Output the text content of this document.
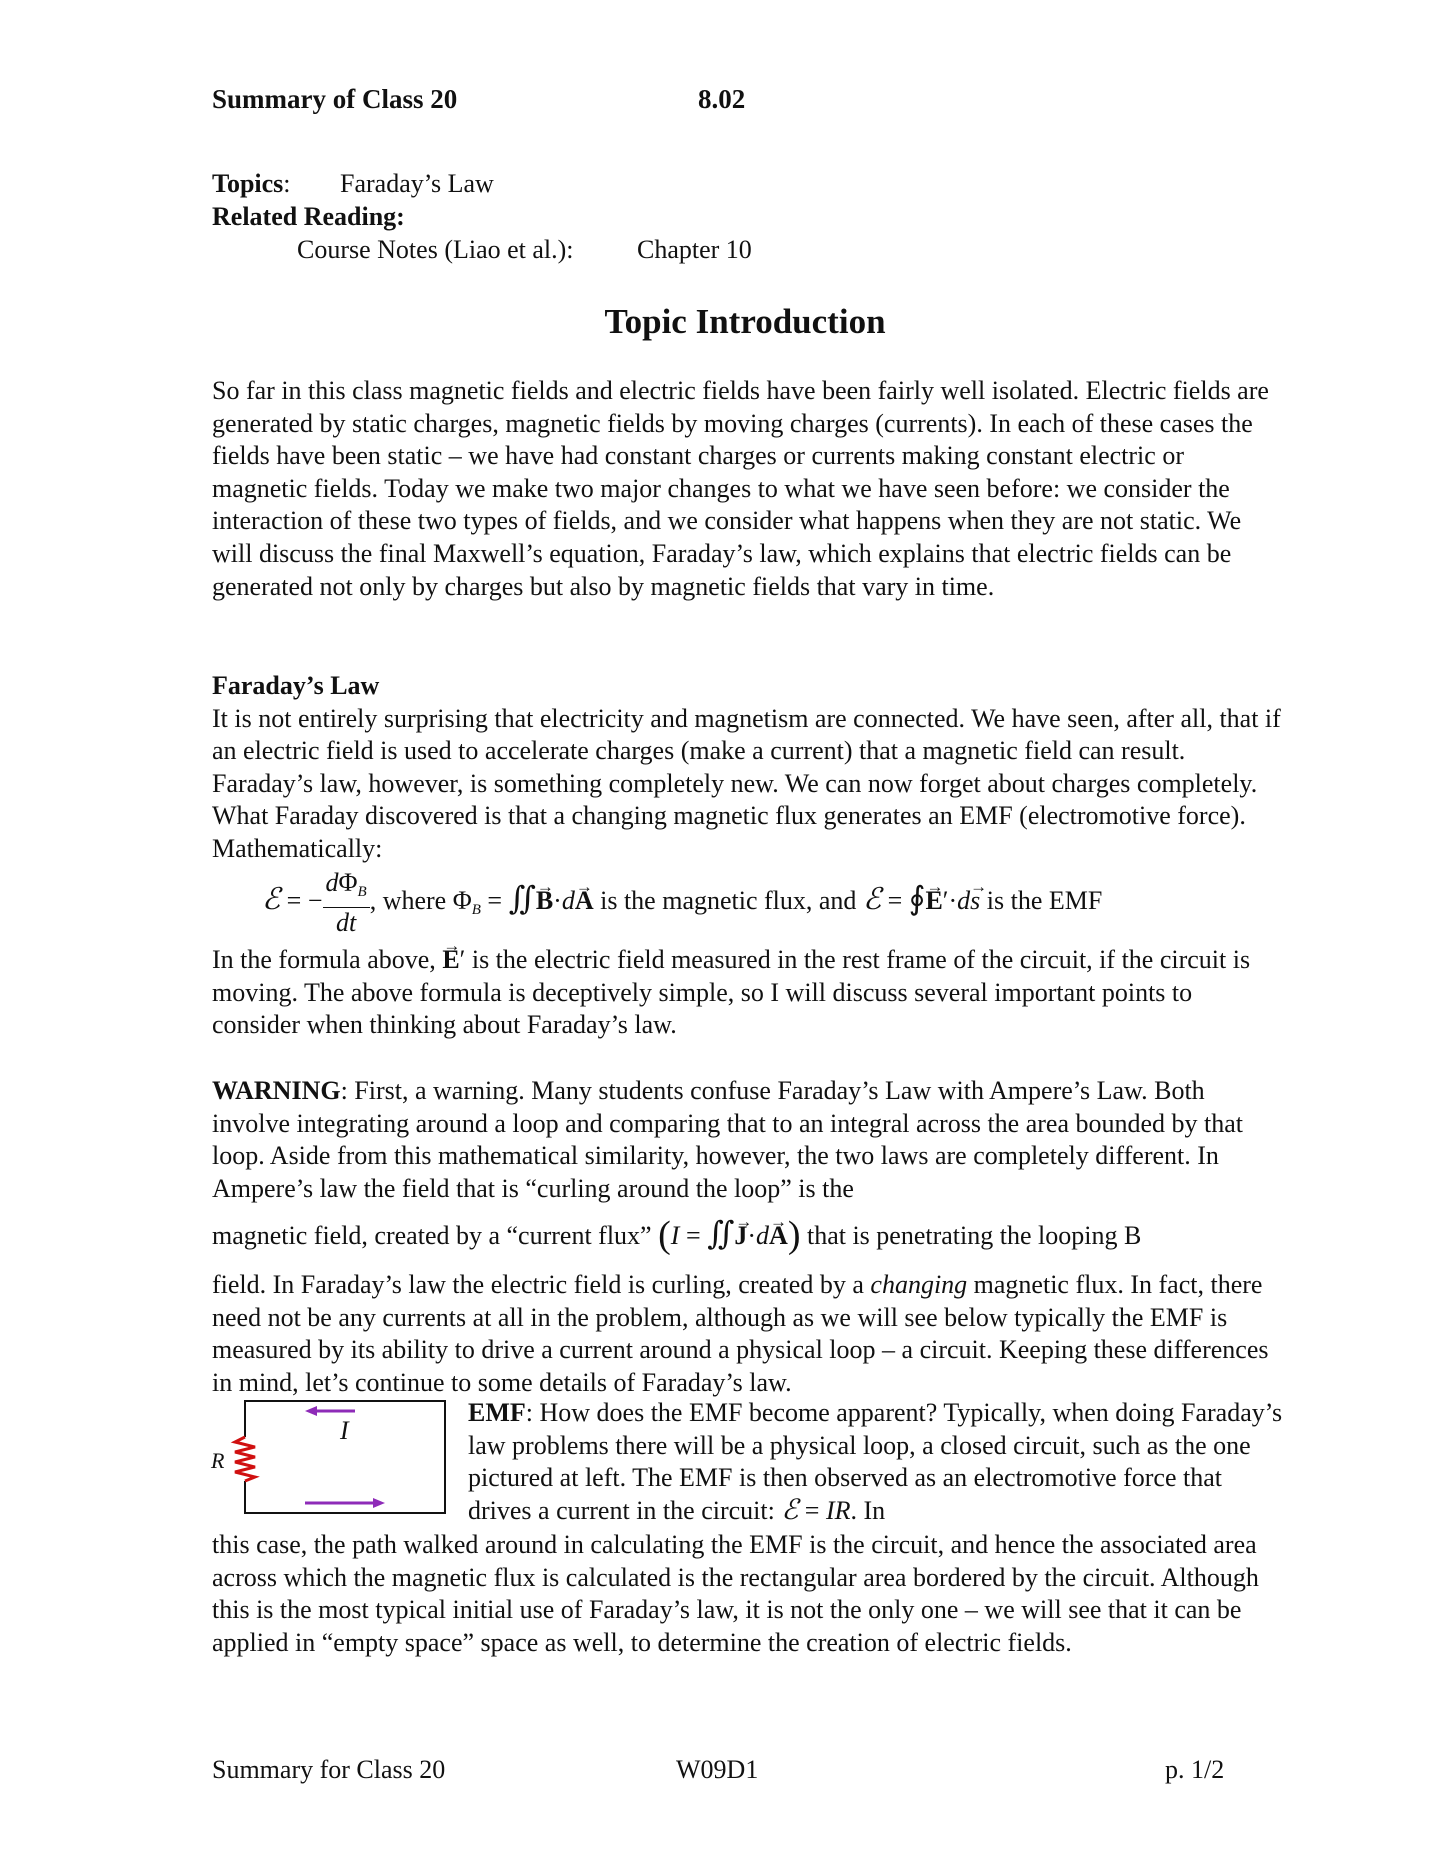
Summary of Class 20	8.02
Topics: Faraday’s Law
Related Reading:
Course Notes (Liao et al.): Chapter 10
Topic Introduction

So far in this class magnetic fields and electric fields have been fairly well isolated. Electric fields are generated by static charges, magnetic fields by moving charges (currents). In each of these cases the fields have been static – we have had constant charges or currents making constant electric or magnetic fields. Today we make two major changes to what we have seen before: we consider the interaction of these two types of fields, and we consider what happens when they are not static. We will discuss the final Maxwell’s equation, Faraday’s law, which explains that electric fields can be generated not only by charges but also by magnetic fields that vary in time.

Faraday’s Law

It is not entirely surprising that electricity and magnetism are connected. We have seen, after all, that if an electric field is used to accelerate charges (make a current) that a magnetic field can result. Faraday’s law, however, is something completely new. We can now forget about charges completely. What Faraday discovered is that a changing magnetic flux generates an EMF (electromotive force). Mathematically:

ℰ = − $\frac{d\Phi_B}{dt}$ , where $\Phi_B$ = ∬→ B·d→ A is the magnetic flux, and ℰ = ∮→ E′·d→ s is the EMF

In the formula above, → E′ is the electric field measured in the rest frame of the circuit, if the circuit is moving. The above formula is deceptively simple, so I will discuss several important points to consider when thinking about Faraday’s law.

WARNING: First, a warning. Many students confuse Faraday’s Law with Ampere’s Law. Both involve integrating around a loop and comparing that to an integral across the area bounded by that loop. Aside from this mathematical similarity, however, the two laws are completely different. In Ampere’s law the field that is “curling around the loop” is the

magnetic field, created by a “current flux” (I = ∬→ J·d→ A) that is penetrating the looping B

field. In Faraday’s law the electric field is curling, created by a changing magnetic flux. In fact, there need not be any currents at all in the problem, although as we will see below typically the EMF is measured by its ability to drive a current around a physical loop – a circuit. Keeping these differences in mind, let’s continue to some details of Faraday’s law.

I
R
EMF: How does the EMF become apparent? Typically, when doing Faraday’s law problems there will be a physical loop, a closed circuit, such as the one pictured at left. The EMF is then observed as an electromotive force that drives a current in the circuit: ℰ = IR. In

this case, the path walked around in calculating the EMF is the circuit, and hence the associated area across which the magnetic flux is calculated is the rectangular area bordered by the circuit. Although this is the most typical initial use of Faraday’s law, it is not the only one – we will see that it can be applied in “empty space” space as well, to determine the creation of electric fields.

Summary for Class 20	W09D1	p. 1/2
